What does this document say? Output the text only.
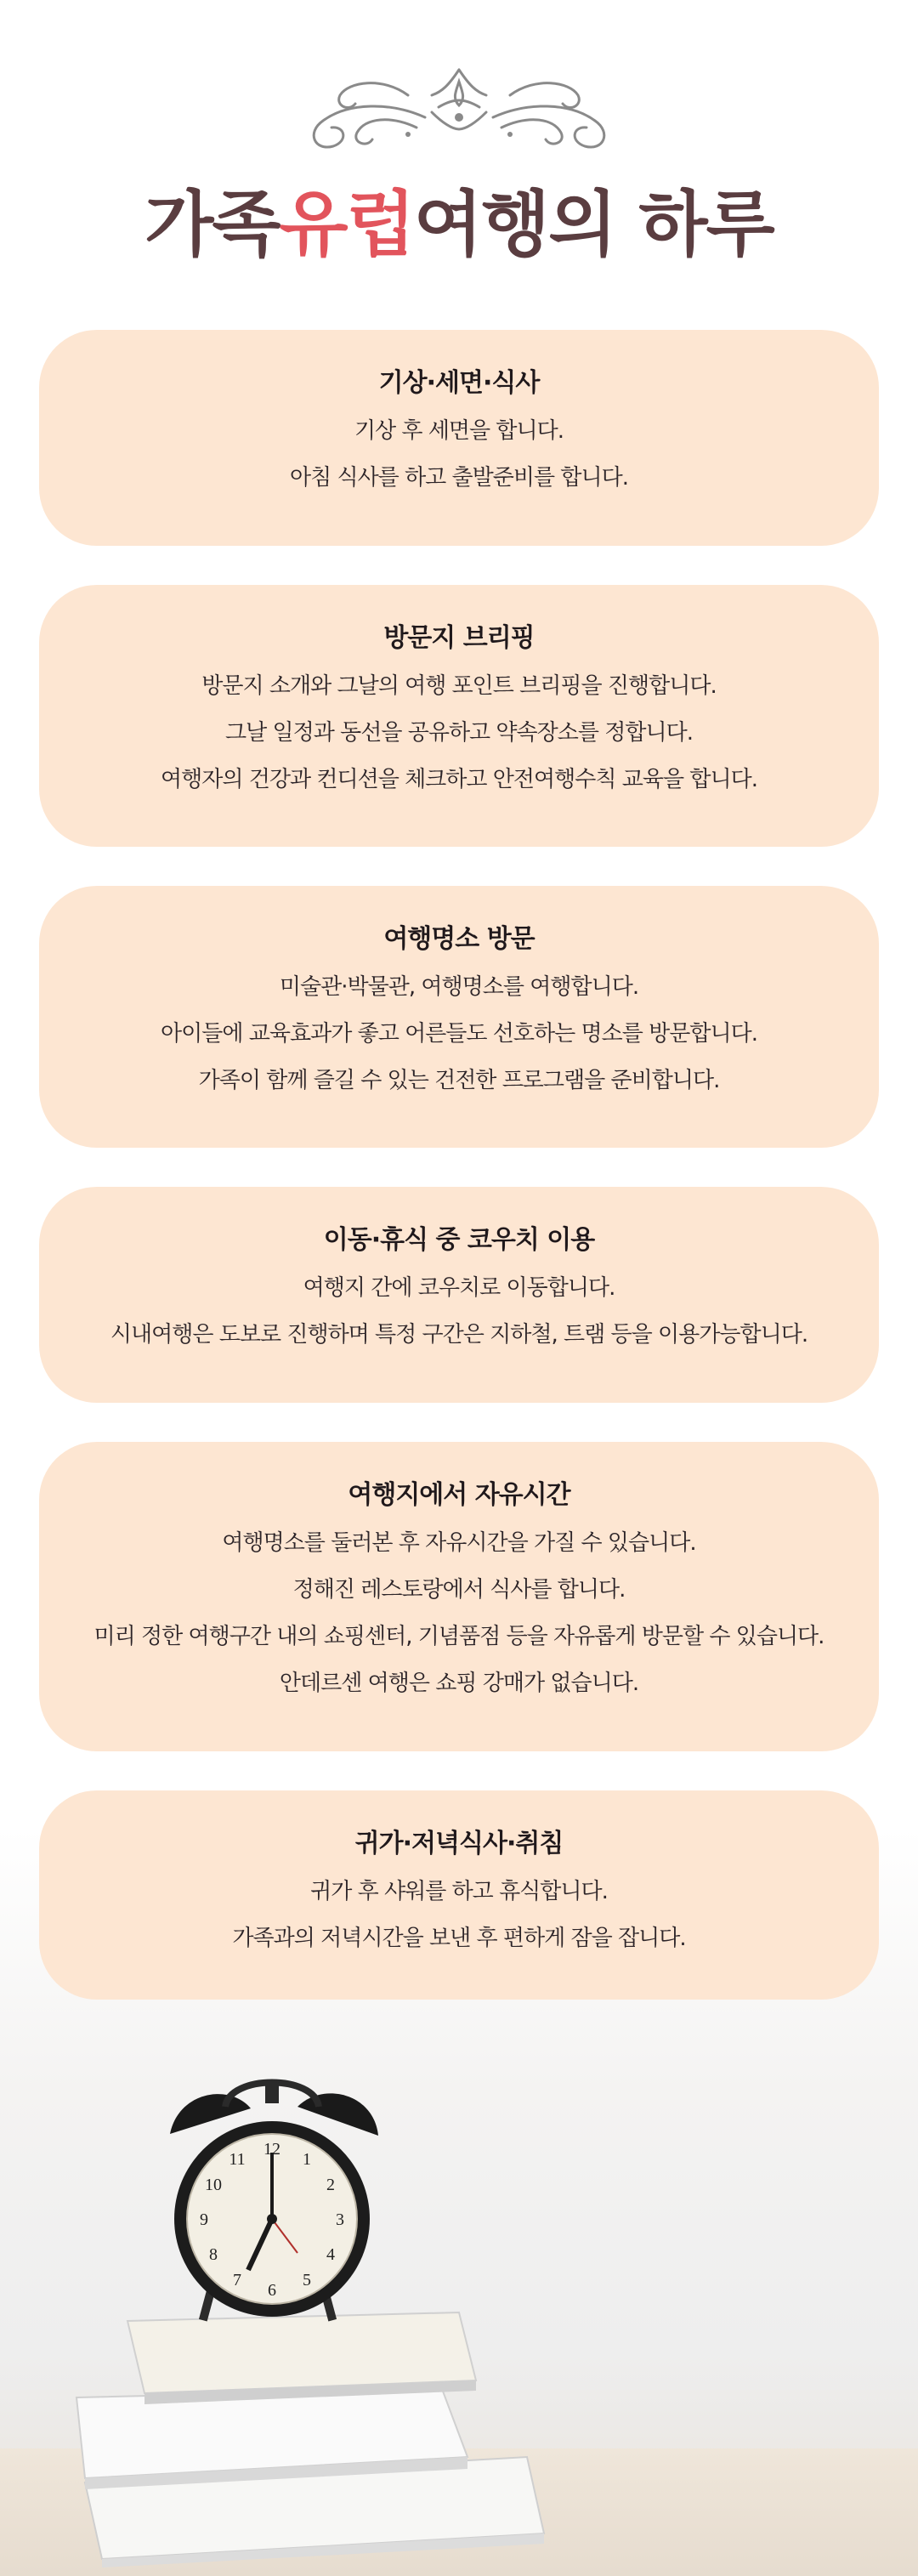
가족유럽여행의 하루
기상·세면·식사
기상 후 세면을 합니다.
아침 식사를 하고 출발준비를 합니다.
방문지 브리핑
방문지 소개와 그날의 여행 포인트 브리핑을 진행합니다.
그날 일정과 동선을 공유하고 약속장소를 정합니다.
여행자의 건강과 컨디션을 체크하고 안전여행수칙 교육을 합니다.
여행명소 방문
미술관·박물관, 여행명소를 여행합니다.
아이들에 교육효과가 좋고 어른들도 선호하는 명소를 방문합니다.
가족이 함께 즐길 수 있는 건전한 프로그램을 준비합니다.
이동·휴식 중 코우치 이용
여행지 간에 코우치로 이동합니다.
시내여행은 도보로 진행하며 특정 구간은 지하철, 트램 등을 이용가능합니다.
여행지에서 자유시간
여행명소를 둘러본 후 자유시간을 가질 수 있습니다.
정해진 레스토랑에서 식사를 합니다.
미리 정한 여행구간 내의 쇼핑센터, 기념품점 등을 자유롭게 방문할 수 있습니다.
안데르센 여행은 쇼핑 강매가 없습니다.
귀가·저녁식사·취침
귀가 후 샤워를 하고 휴식합니다.
가족과의 저녁시간을 보낸 후 편하게 잠을 잡니다.
12
1
2
3
4
5
6
7
8
9
10
11
